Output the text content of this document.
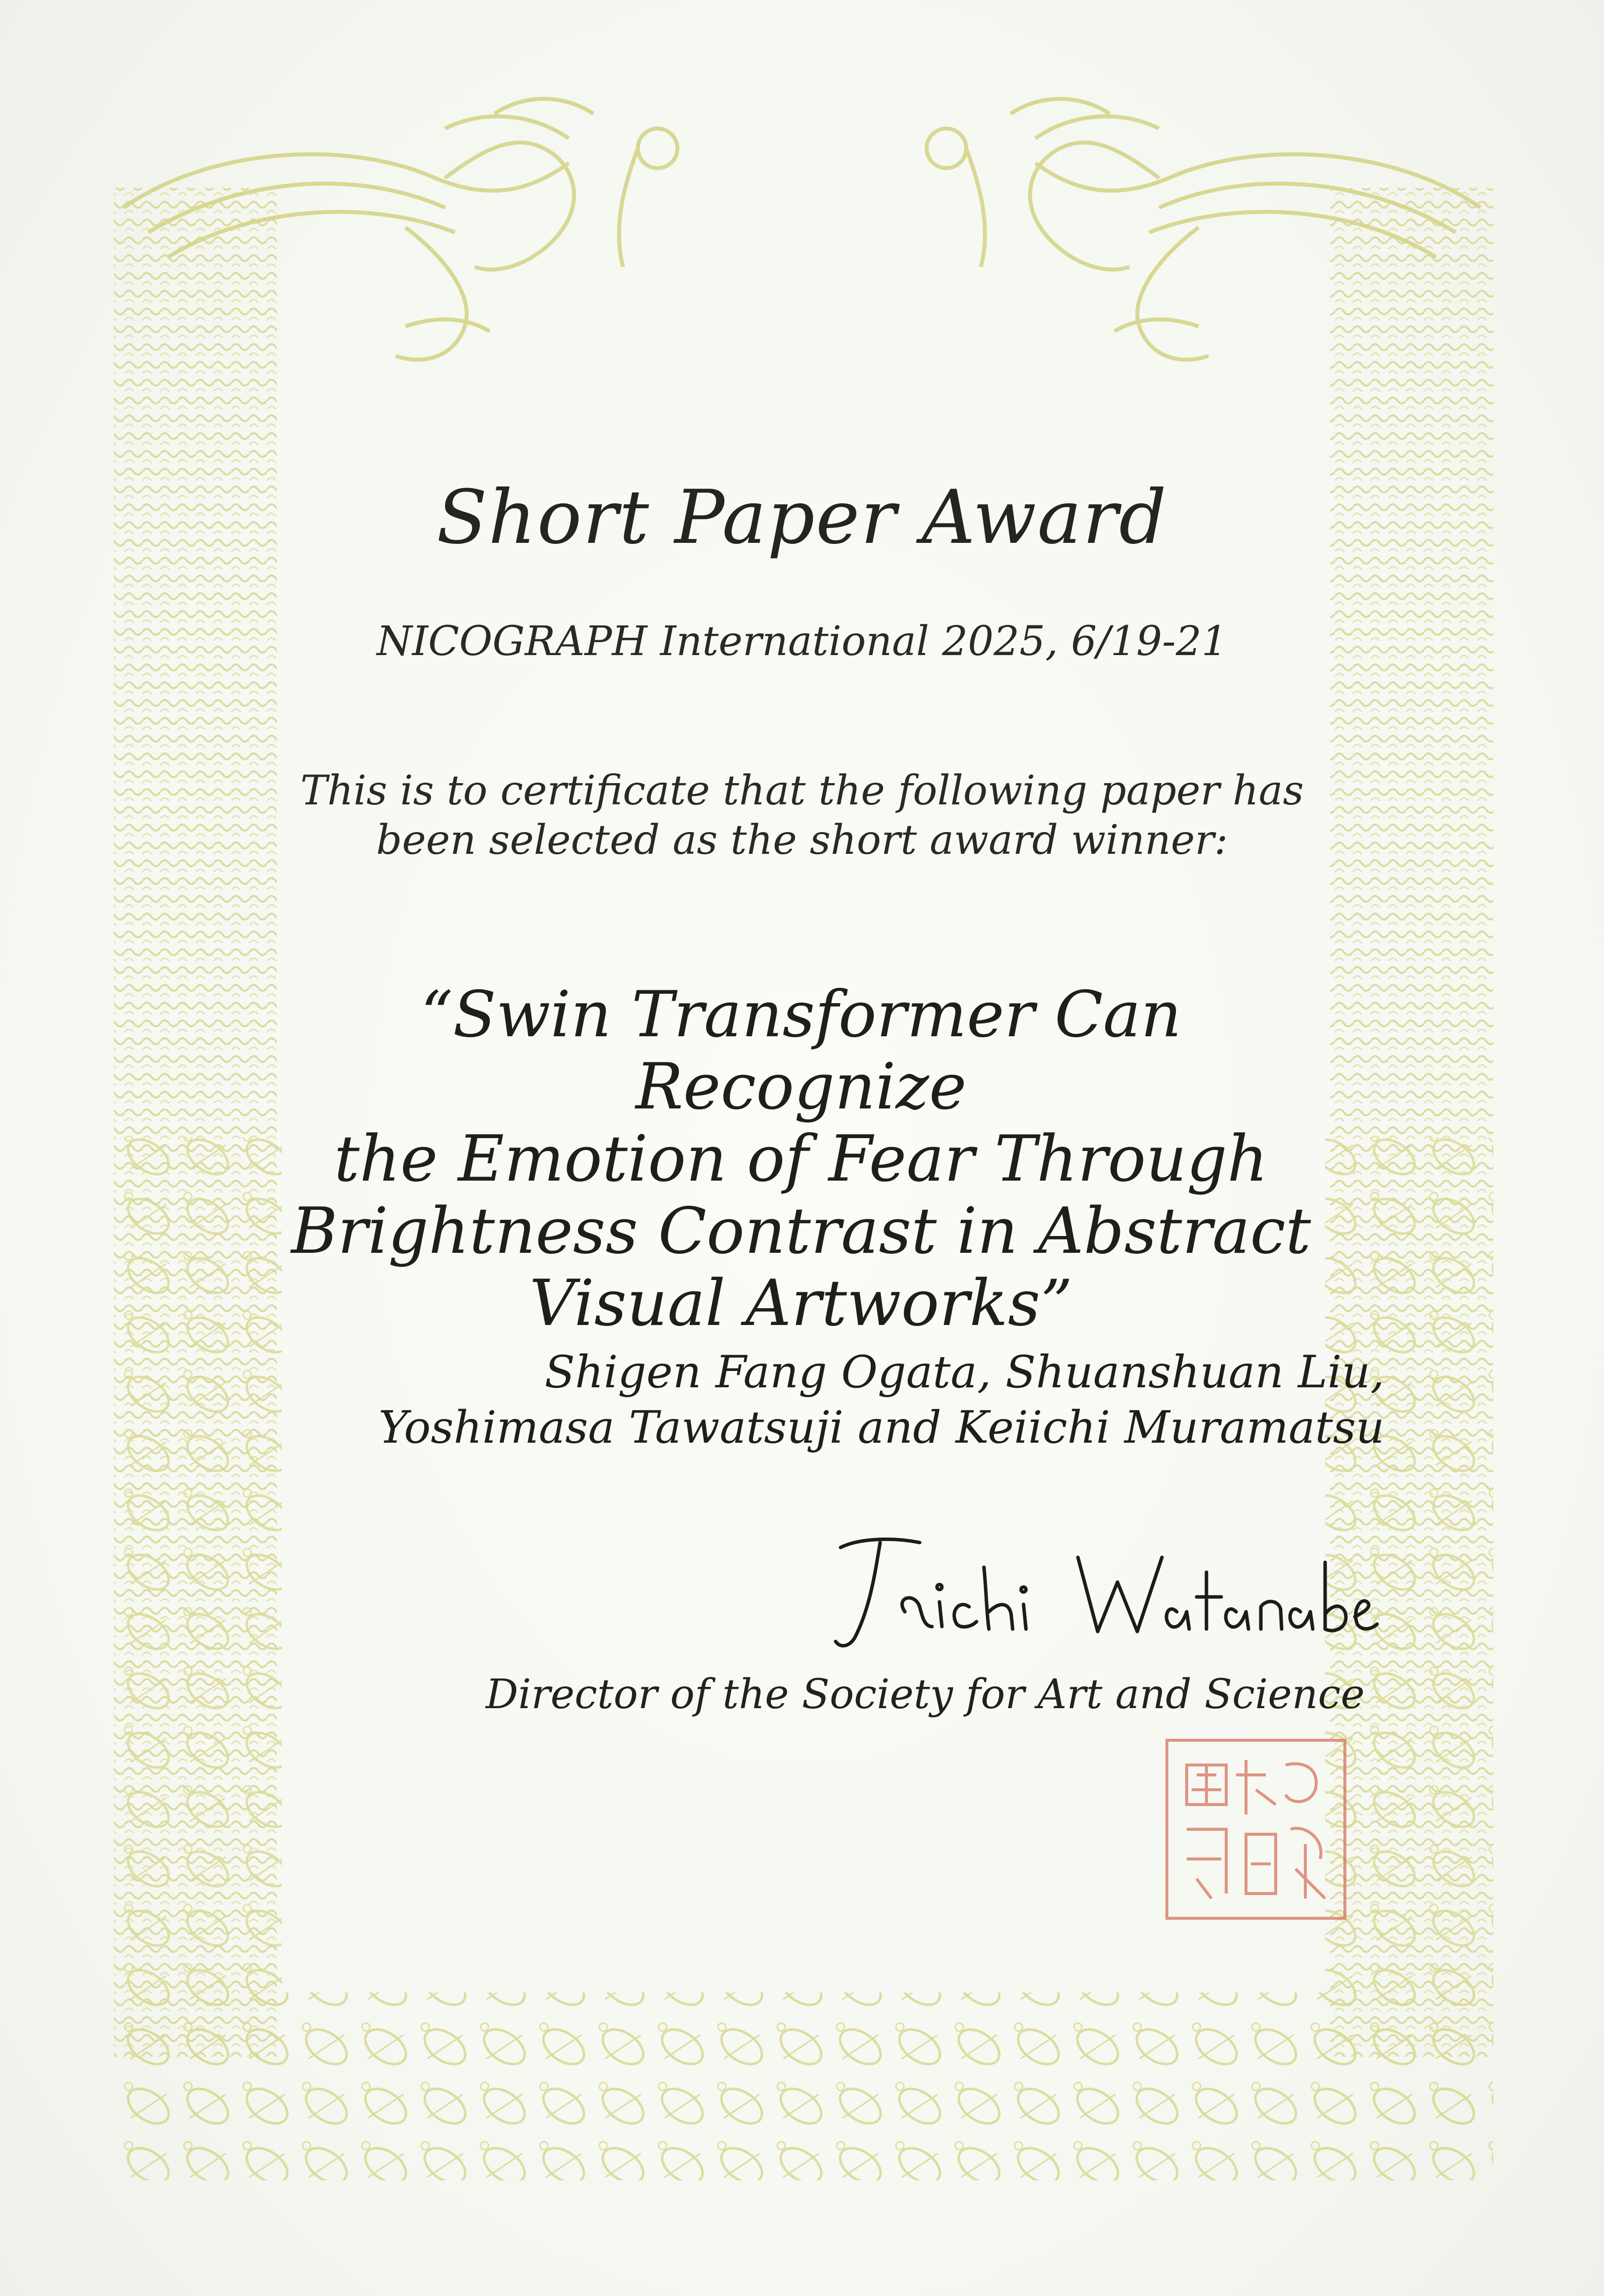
Short Paper Award
NICOGRAPH International 2025, 6/19-21
This is to certificate that the following paper has
been selected as the short award winner:
“Swin Transformer Can Recognize
the Emotion of Fear Through
Brightness Contrast in Abstract
Visual Artworks”
Shigen Fang Ogata, Shuanshuan Liu,
Yoshimasa Tawatsuji and Keiichi Muramatsu
Director of the Society for Art and Science
